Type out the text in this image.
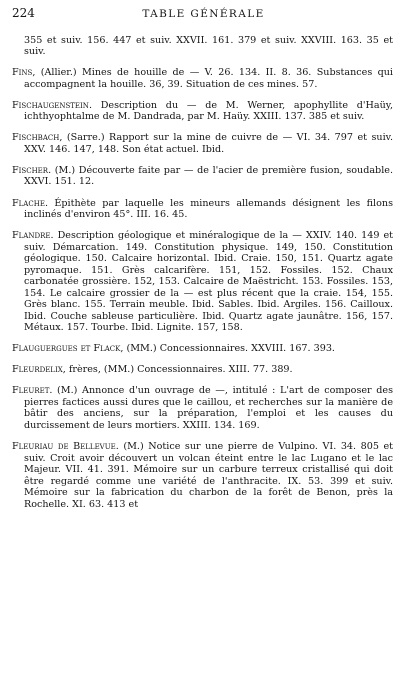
224	TABLE GÉNÉRALE

355 et suiv. 156. 447 et suiv. XXVII. 161. 379 et suiv. XXVIII. 163. 35 et suiv.

Fins, (Allier.) Mines de houille de — V. 26. 134. II. 8. 36. Substances qui accompagnent la houille. 36, 39. Situation de ces mines. 57.

Fischaugenstein. Description du — de M. Werner, apophyllite d'Haüy, ichthyophtalme de M. Dandrada, par M. Haüy. XXIII. 137. 385 et suiv.

Fischbach, (Sarre.) Rapport sur la mine de cuivre de — VI. 34. 797 et suiv. XXV. 146. 147, 148. Son état actuel. Ibid.

Fischer. (M.) Découverte faite par — de l'acier de première fusion, soudable. XXVI. 151. 12.

Flache. Épithète par laquelle les mineurs allemands désignent les filons inclinés d'environ 45°. III. 16. 45.

Flandre. Description géologique et minéralogique de la — XXIV. 140. 149 et suiv. Démarcation. 149. Constitution physique. 149, 150. Constitution géologique. 150. Calcaire horizontal. Ibid. Craie. 150, 151. Quartz agate pyromaque. 151. Grès calcarifère. 151, 152. Fossiles. 152. Chaux carbonatée grossière. 152, 153. Calcaire de Maëstricht. 153. Fossiles. 153, 154. Le calcaire grossier de la — est plus récent que la craie. 154, 155. Grès blanc. 155. Terrain meuble. Ibid. Sables. Ibid. Argiles. 156. Cailloux. Ibid. Couche sableuse particulière. Ibid. Quartz agate jaunâtre. 156, 157. Métaux. 157. Tourbe. Ibid. Lignite. 157, 158.

Flauguergues et Flack, (MM.) Concessionnaires. XXVIII. 167. 393.

Fleurdelix, frères, (MM.) Concessionnaires. XIII. 77. 389.

Fleuret. (M.) Annonce d'un ouvrage de —, intitulé : L'art de composer des pierres factices aussi dures que le caillou, et recherches sur la manière de bâtir des anciens, sur la préparation, l'emploi et les causes du durcissement de leurs mortiers. XXIII. 134. 169.

Fleuriau de Bellevue. (M.) Notice sur une pierre de Vulpino. VI. 34. 805 et suiv. Croit avoir découvert un volcan éteint entre le lac Lugano et le lac Majeur. VII. 41. 391. Mémoire sur un carbure terreux cristallisé qui doit être regardé comme une variété de l'anthracite. IX. 53. 399 et suiv. Mémoire sur la fabrication du charbon de la forêt de Benon, près la Rochelle. XI. 63. 413 et
